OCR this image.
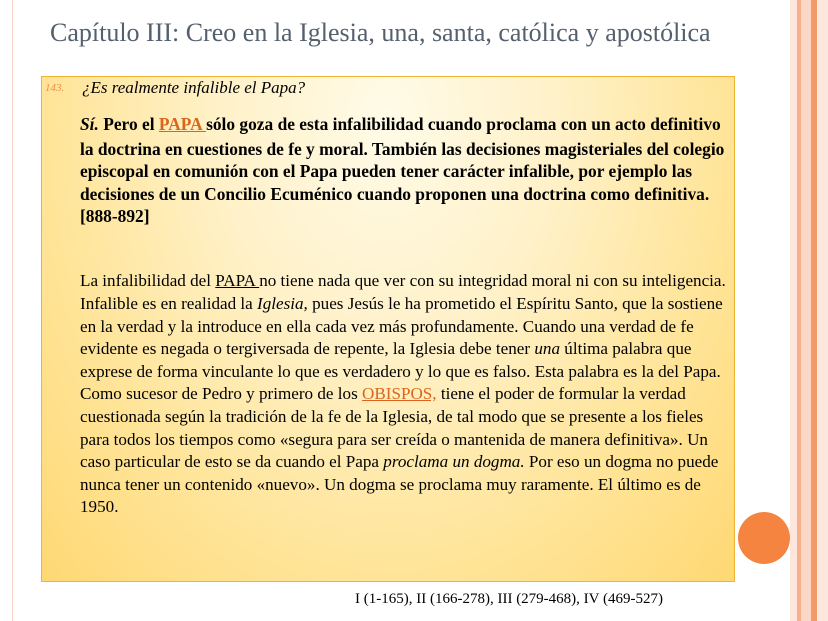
Capítulo III: Creo en la Iglesia, una, santa, católica y apostólica
143. ¿Es realmente infalible el Papa?

Sí. Pero el PAPA sólo goza de esta infalibilidad cuando proclama con un acto definitivo la doctrina en cuestiones de fe y moral. También las decisiones magisteriales del colegio episcopal en comunión con el Papa pueden tener carácter infalible, por ejemplo las decisiones de un Concilio Ecuménico cuando proponen una doctrina como definitiva. [888-892]

La infalibilidad del PAPA no tiene nada que ver con su integridad moral ni con su inteligencia. Infalible es en realidad la Iglesia, pues Jesús le ha prometido el Espíritu Santo, que la sostiene en la verdad y la introduce en ella cada vez más profundamente. Cuando una verdad de fe evidente es negada o tergiversada de repente, la Iglesia debe tener una última palabra que exprese de forma vinculante lo que es verdadero y lo que es falso. Esta palabra es la del Papa. Como sucesor de Pedro y primero de los OBISPOS, tiene el poder de formular la verdad cuestionada según la tradición de la fe de la Iglesia, de tal modo que se presente a los fieles para todos los tiempos como «segura para ser creída o mantenida de manera definitiva». Un caso particular de esto se da cuando el Papa proclama un dogma. Por eso un dogma no puede nunca tener un contenido «nuevo». Un dogma se proclama muy raramente. El último es de 1950.

I (1-165), II (166-278), III (279-468), IV (469-527)
